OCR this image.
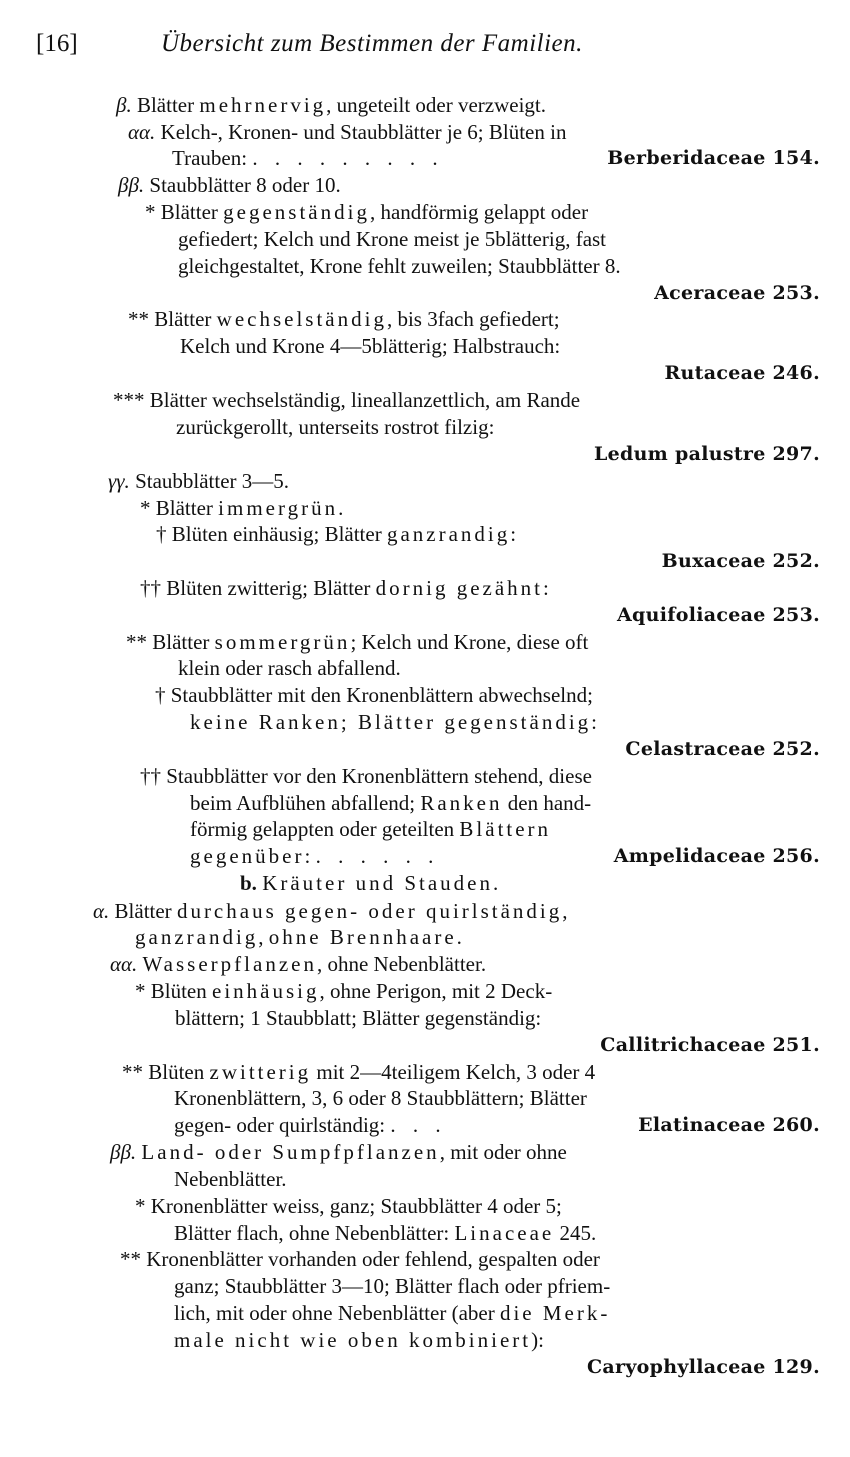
[16]	Übersicht zum Bestimmen der Familien.
β. Blätter mehrnervig, ungeteilt oder verzweigt.
αα. Kelch-, Kronen- und Staubblätter je 6; Blüten in
Trauben: . . . . . . . . .	Berberidaceae 154.
ββ. Staubblätter 8 oder 10.
* Blätter gegenständig, handförmig gelappt oder
gefiedert; Kelch und Krone meist je 5blätterig, fast
gleichgestaltet, Krone fehlt zuweilen; Staubblätter 8.
Aceraceae 253.
** Blätter wechselständig, bis 3fach gefiedert;
Kelch und Krone 4—5blätterig; Halbstrauch:
Rutaceae 246.
*** Blätter wechselständig, lineallanzettlich, am Rande
zurückgerollt, unterseits rostrot filzig:
Ledum palustre 297.
γγ. Staubblätter 3—5.
* Blätter immergrün.
† Blüten einhäusig; Blätter ganzrandig:
Buxaceae 252.
†† Blüten zwitterig; Blätter dornig gezähnt:
Aquifoliaceae 253.
** Blätter sommergrün; Kelch und Krone, diese oft
klein oder rasch abfallend.
† Staubblätter mit den Kronenblättern abwechselnd;
keine Ranken; Blätter gegenständig:
Celastraceae 252.
†† Staubblätter vor den Kronenblättern stehend, diese
beim Aufblühen abfallend; Ranken den hand-
förmig gelappten oder geteilten Blättern
gegenüber: . . . . . .	Ampelidaceae 256.
b. Kräuter und Stauden.
α. Blätter durchaus gegen- oder quirlständig,
ganzrandig, ohne Brennhaare.
αα. Wasserpflanzen, ohne Nebenblätter.
* Blüten einhäusig, ohne Perigon, mit 2 Deck-
blättern; 1 Staubblatt; Blätter gegenständig:
Callitrichaceae 251.
** Blüten zwitterig mit 2—4teiligem Kelch, 3 oder 4
Kronenblättern, 3, 6 oder 8 Staubblättern; Blätter
gegen- oder quirlständig: . . .	Elatinaceae 260.
ββ. Land- oder Sumpfpflanzen, mit oder ohne
Nebenblätter.
* Kronenblätter weiss, ganz; Staubblätter 4 oder 5;
Blätter flach, ohne Nebenblätter: Linaceae 245.
** Kronenblätter vorhanden oder fehlend, gespalten oder
ganz; Staubblätter 3—10; Blätter flach oder pfriem-
lich, mit oder ohne Nebenblätter (aber die Merk-
male nicht wie oben kombiniert):
Caryophyllaceae 129.
